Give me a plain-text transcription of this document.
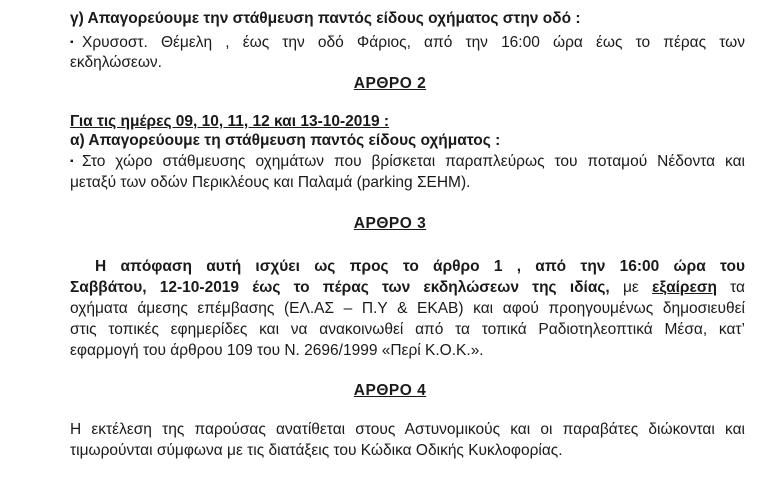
γ) Απαγορεύουμε την στάθμευση παντός είδους οχήματος στην οδό :
▪ Χρυσοστ. Θέμελη , έως την οδό Φάριος, από την 16:00 ώρα έως το πέρας των
εκδηλώσεων.
ΑΡΘΡΟ 2
Για τις ημέρες 09, 10, 11, 12 και 13-10-2019 :
α) Απαγορεύουμε τη στάθμευση παντός είδους οχήματος :
▪ Στο χώρο στάθμευσης οχημάτων που βρίσκεται παραπλεύρως του ποταμού Νέδοντα και
μεταξύ των οδών Περικλέους και Παλαμά (parking ΣΕΗΜ).
ΑΡΘΡΟ 3
Η απόφαση αυτή ισχύει ως προς το άρθρο 1 , από την 16:00 ώρα του
Σαββάτου, 12-10-2019 έως το πέρας των εκδηλώσεων της ιδίας, με εξαίρεση τα
οχήματα άμεσης επέμβασης (ΕΛ.ΑΣ – Π.Υ & ΕΚΑΒ) και αφού προηγουμένως δημοσιευθεί
στις τοπικές εφημερίδες και να ανακοινωθεί από τα τοπικά Ραδιοτηλεοπτικά Μέσα, κατ’
εφαρμογή του άρθρου 109 του Ν. 2696/1999 «Περί Κ.Ο.Κ.».
ΑΡΘΡΟ 4
Η εκτέλεση της παρούσας ανατίθεται στους Αστυνομικούς και οι παραβάτες διώκονται και
τιμωρούνται σύμφωνα με τις διατάξεις του Κώδικα Οδικής Κυκλοφορίας.
